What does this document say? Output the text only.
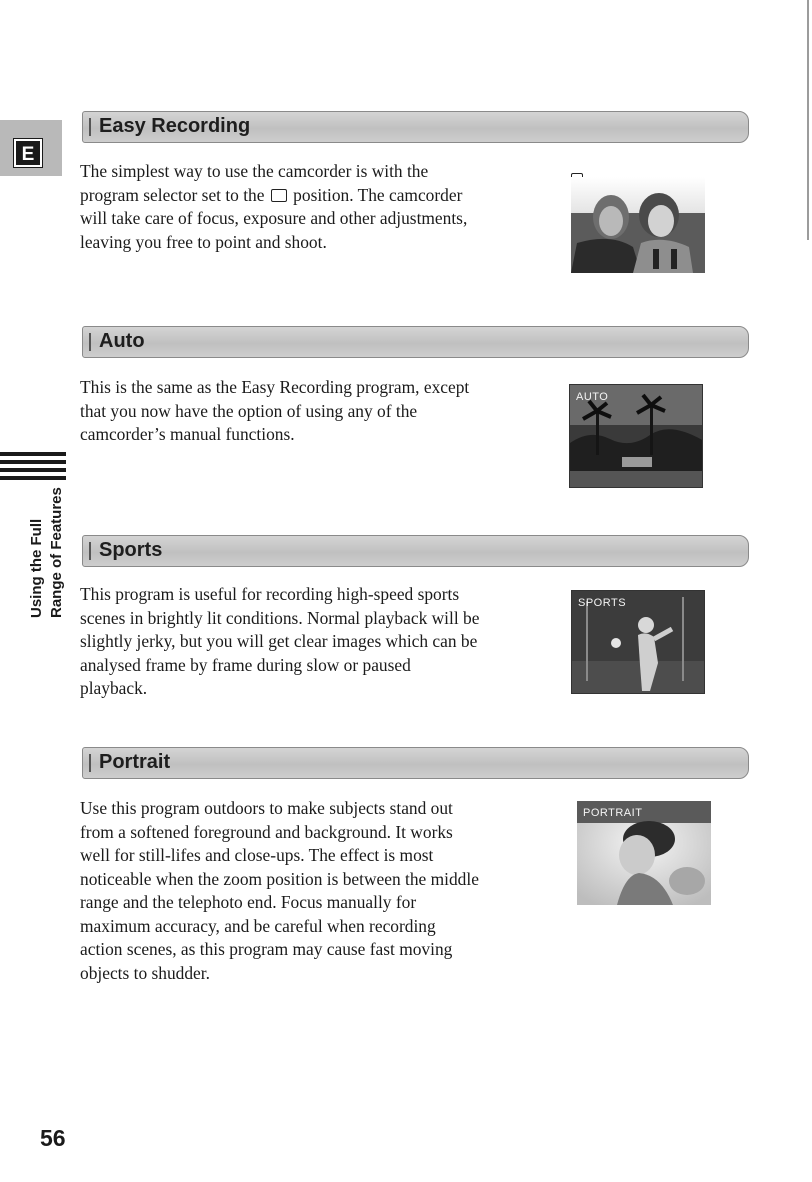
E
Using the Full Range of Features
Easy Recording

The simplest way to use the camcorder is with the program selector set to the  position. The camcorder will take care of focus, exposure and other adjustments, leaving you free to point and shoot.

Auto

This is the same as the Easy Recording program, except that you now have the option of using any of the camcorder’s manual functions.

AUTO
Sports

This program is useful for recording high-speed sports scenes in brightly lit conditions. Normal playback will be slightly jerky, but you will get clear images which can be analysed frame by frame during slow or paused playback.

SPORTS
Portrait

Use this program outdoors to make subjects stand out from a softened foreground and background. It works well for still-lifes and close-ups. The effect is most noticeable when the zoom position is between the middle range and the telephoto end. Focus manually for maximum accuracy, and be careful when recording action scenes, as this program may cause fast moving objects to shudder.

PORTRAIT
56
